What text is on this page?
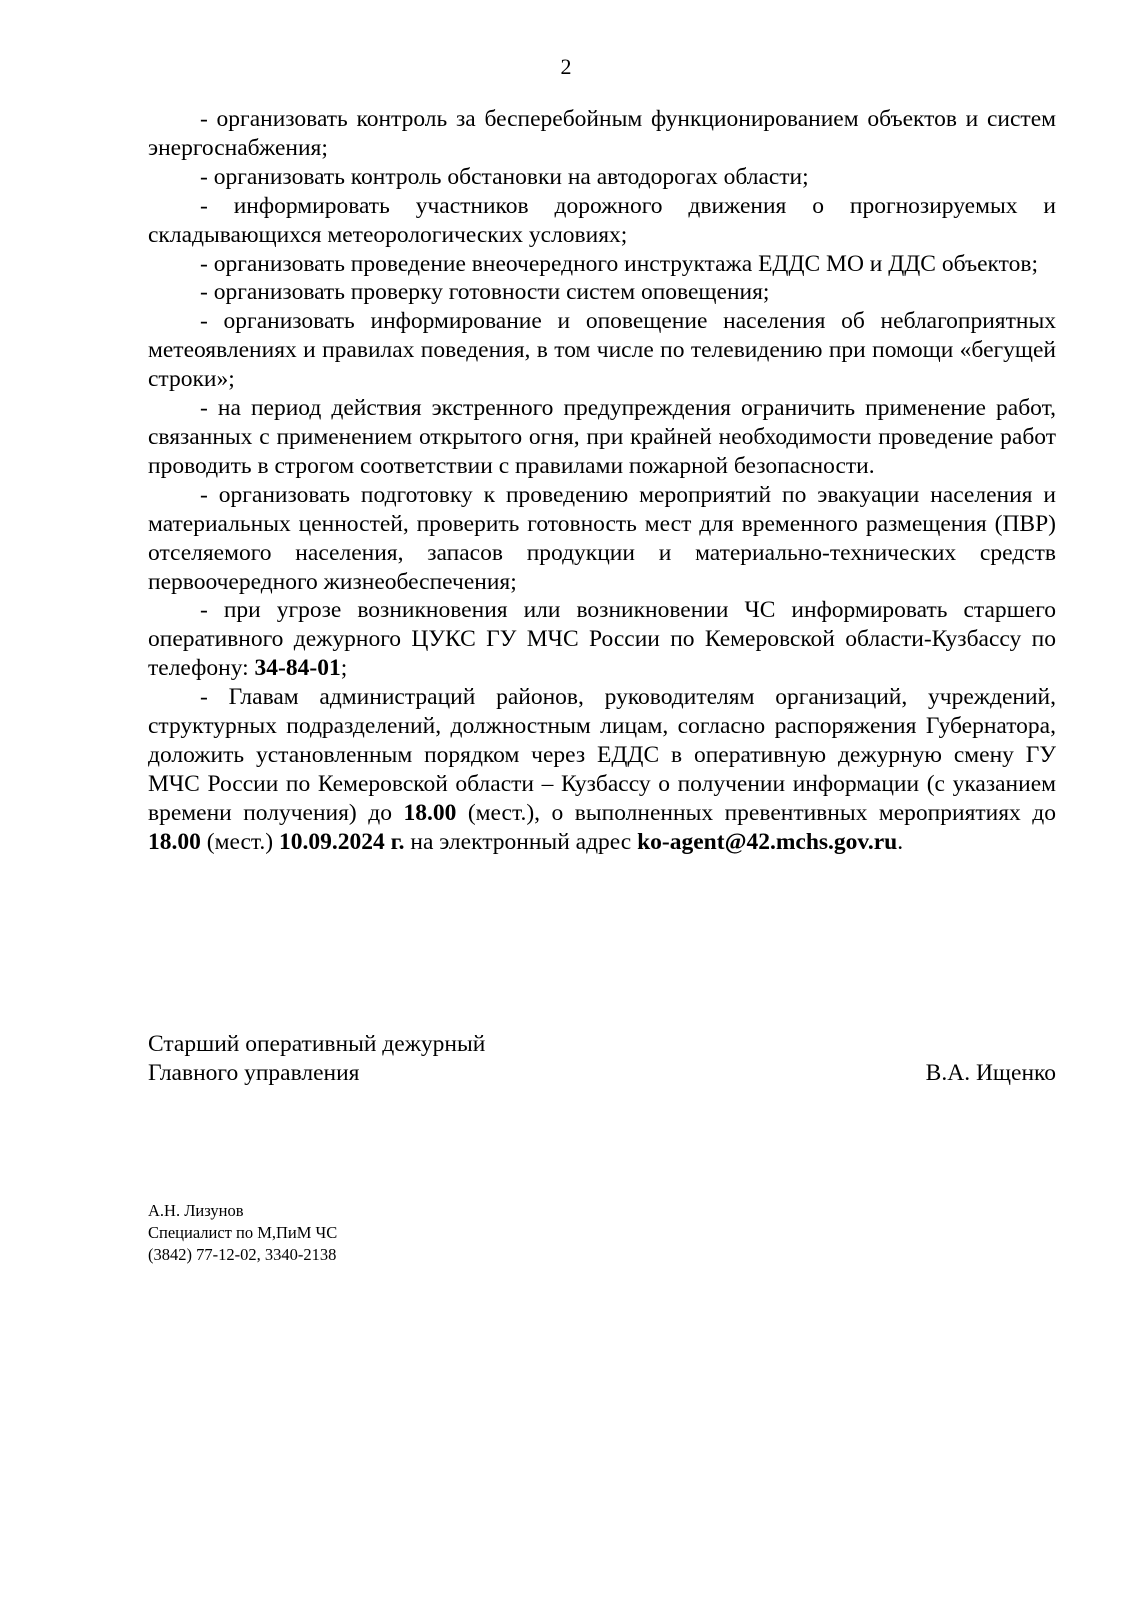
2

- организовать контроль за бесперебойным функционированием объектов и систем энергоснабжения;

- организовать контроль обстановки на автодорогах области;

- информировать участников дорожного движения о прогнозируемых и складывающихся метеорологических условиях;

- организовать проведение внеочередного инструктажа ЕДДС МО и ДДС объектов;

- организовать проверку готовности систем оповещения;

- организовать информирование и оповещение населения об неблагоприятных метеоявлениях и правилах поведения, в том числе по телевидению при помощи «бегущей строки»;

- на период действия экстренного предупреждения ограничить применение работ, связанных с применением открытого огня, при крайней необходимости проведение работ проводить в строгом соответствии с правилами пожарной безопасности.

- организовать подготовку к проведению мероприятий по эвакуации населения и материальных ценностей, проверить готовность мест для временного размещения (ПВР) отселяемого населения, запасов продукции и материально-технических средств первоочередного жизнеобеспечения;

- при угрозе возникновения или возникновении ЧС информировать старшего оперативного дежурного ЦУКС ГУ МЧС России по Кемеровской области-Кузбассу по телефону: 34-84-01;

- Главам администраций районов, руководителям организаций, учреждений, структурных подразделений, должностным лицам, согласно распоряжения Губернатора, доложить установленным порядком через ЕДДС в оперативную дежурную смену ГУ МЧС России по Кемеровской области – Кузбассу о получении информации (с указанием времени получения) до 18.00 (мест.), о выполненных превентивных мероприятиях до 18.00 (мест.) 10.09.2024 г. на электронный адрес ko-agent@42.mchs.gov.ru.

Старший оперативный дежурный
Главного управления	В.А. Ищенко
А.Н. Лизунов
Специалист по М,ПиМ ЧС
(3842) 77-12-02, 3340-2138
